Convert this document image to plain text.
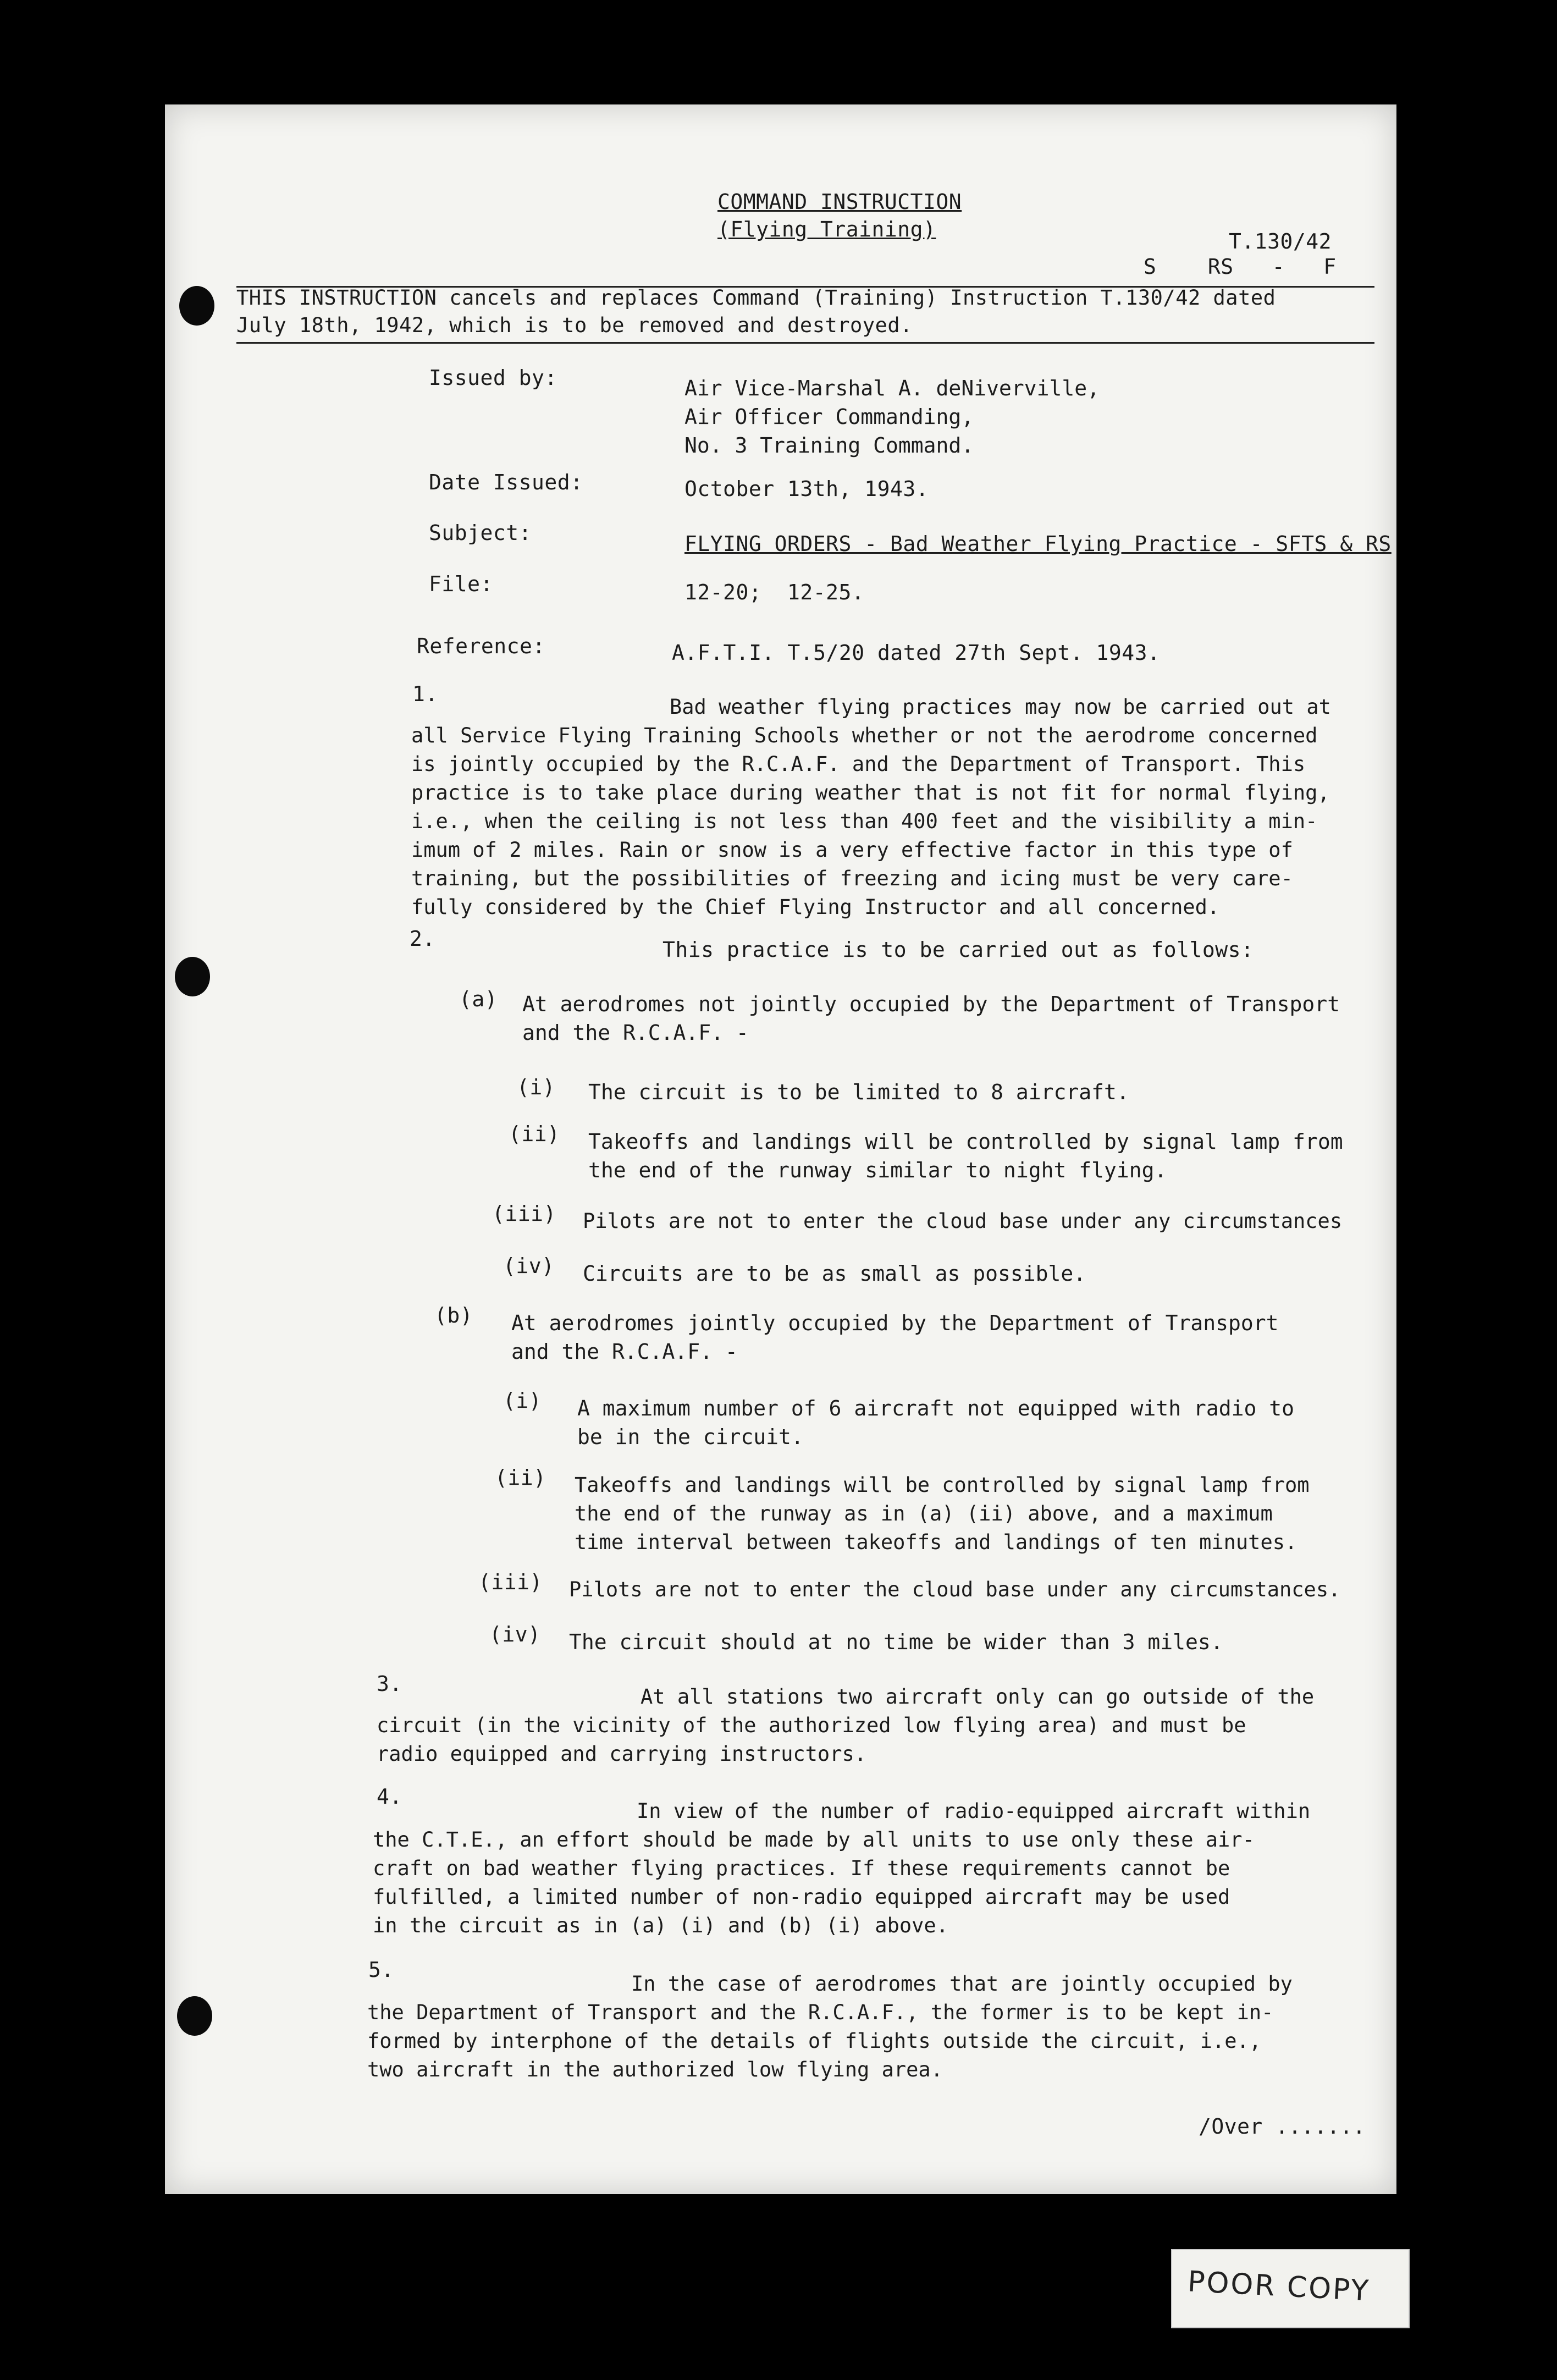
COMMAND INSTRUCTION
(Flying Training)	T.130/42
S    RS   -   F
THIS INSTRUCTION cancels and replaces Command (Training) Instruction T.130/42 dated
July 18th, 1942, which is to be removed and destroyed.
Issued by:	Air Vice-Marshal A. deNiverville,
Air Officer Commanding,
No. 3 Training Command.
Date Issued:	October 13th, 1943.
Subject:	FLYING ORDERS - Bad Weather Flying Practice - SFTS & RS
File:	12-20;  12-25.
Reference:	A.F.T.I. T.5/20 dated 27th Sept. 1943.
1.
Bad weather flying practices may now be carried out at
all Service Flying Training Schools whether or not the aerodrome concerned
is jointly occupied by the R.C.A.F. and the Department of Transport. This
practice is to take place during weather that is not fit for normal flying,
i.e., when the ceiling is not less than 400 feet and the visibility a min-
imum of 2 miles. Rain or snow is a very effective factor in this type of
training, but the possibilities of freezing and icing must be very care-
fully considered by the Chief Flying Instructor and all concerned.
2.	This practice is to be carried out as follows:
(a) At aerodromes not jointly occupied by the Department of Transport
and the R.C.A.F. -
(i) The circuit is to be limited to 8 aircraft.
(ii) Takeoffs and landings will be controlled by signal lamp from
the end of the runway similar to night flying.
(iii) Pilots are not to enter the cloud base under any circumstances
(iv) Circuits are to be as small as possible.
(b) At aerodromes jointly occupied by the Department of Transport
and the R.C.A.F. -
(i) A maximum number of 6 aircraft not equipped with radio to
be in the circuit.
(ii) Takeoffs and landings will be controlled by signal lamp from
the end of the runway as in (a) (ii) above, and a maximum
time interval between takeoffs and landings of ten minutes.
(iii) Pilots are not to enter the cloud base under any circumstances.
(iv) The circuit should at no time be wider than 3 miles.
3.
At all stations two aircraft only can go outside of the
circuit (in the vicinity of the authorized low flying area) and must be
radio equipped and carrying instructors.
4.
In view of the number of radio-equipped aircraft within
the C.T.E., an effort should be made by all units to use only these air-
craft on bad weather flying practices. If these requirements cannot be
fulfilled, a limited number of non-radio equipped aircraft may be used
in the circuit as in (a) (i) and (b) (i) above.
5.
In the case of aerodromes that are jointly occupied by
the Department of Transport and the R.C.A.F., the former is to be kept in-
formed by interphone of the details of flights outside the circuit, i.e.,
two aircraft in the authorized low flying area.
/Over .......
POOR COPY
